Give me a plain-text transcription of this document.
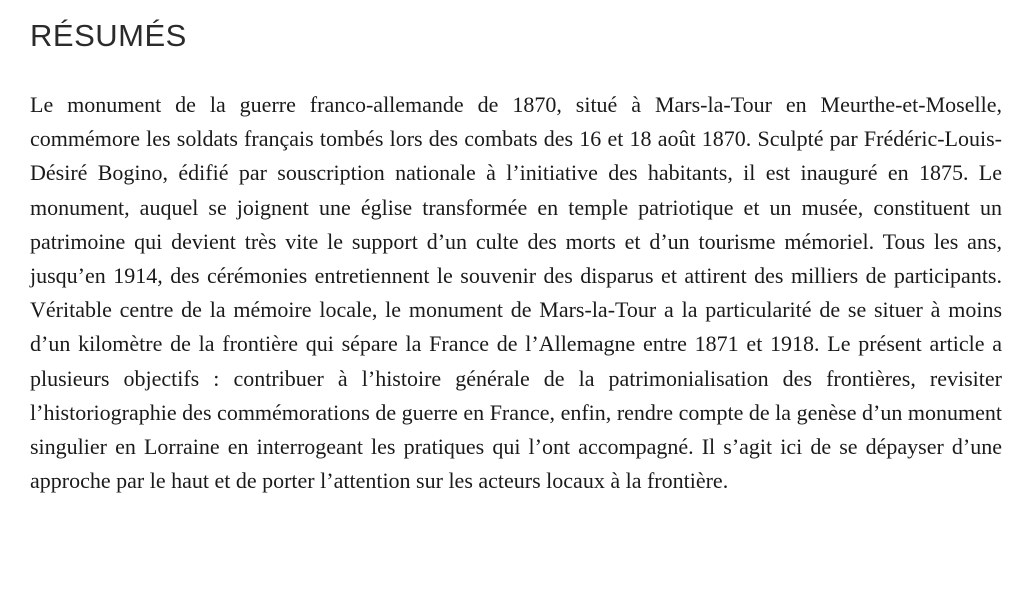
RÉSUMÉS

Le monument de la guerre franco-allemande de 1870, situé à Mars-la-Tour en Meurthe-et-Moselle, commémore les soldats français tombés lors des combats des 16 et 18 août 1870. Sculpté par Frédéric-Louis-Désiré Bogino, édifié par souscription nationale à l’initiative des habitants, il est inauguré en 1875. Le monument, auquel se joignent une église transformée en temple patriotique et un musée, constituent un patrimoine qui devient très vite le support d’un culte des morts et d’un tourisme mémoriel. Tous les ans, jusqu’en 1914, des cérémonies entretiennent le souvenir des disparus et attirent des milliers de participants. Véritable centre de la mémoire locale, le monument de Mars-la-Tour a la particularité de se situer à moins d’un kilomètre de la frontière qui sépare la France de l’Allemagne entre 1871 et 1918. Le présent article a plusieurs objectifs : contribuer à l’histoire générale de la patrimonialisation des frontières, revisiter l’historiographie des commémorations de guerre en France, enfin, rendre compte de la genèse d’un monument singulier en Lorraine en interrogeant les pratiques qui l’ont accompagné. Il s’agit ici de se dépayser d’une approche par le haut et de porter l’attention sur les acteurs locaux à la frontière.
